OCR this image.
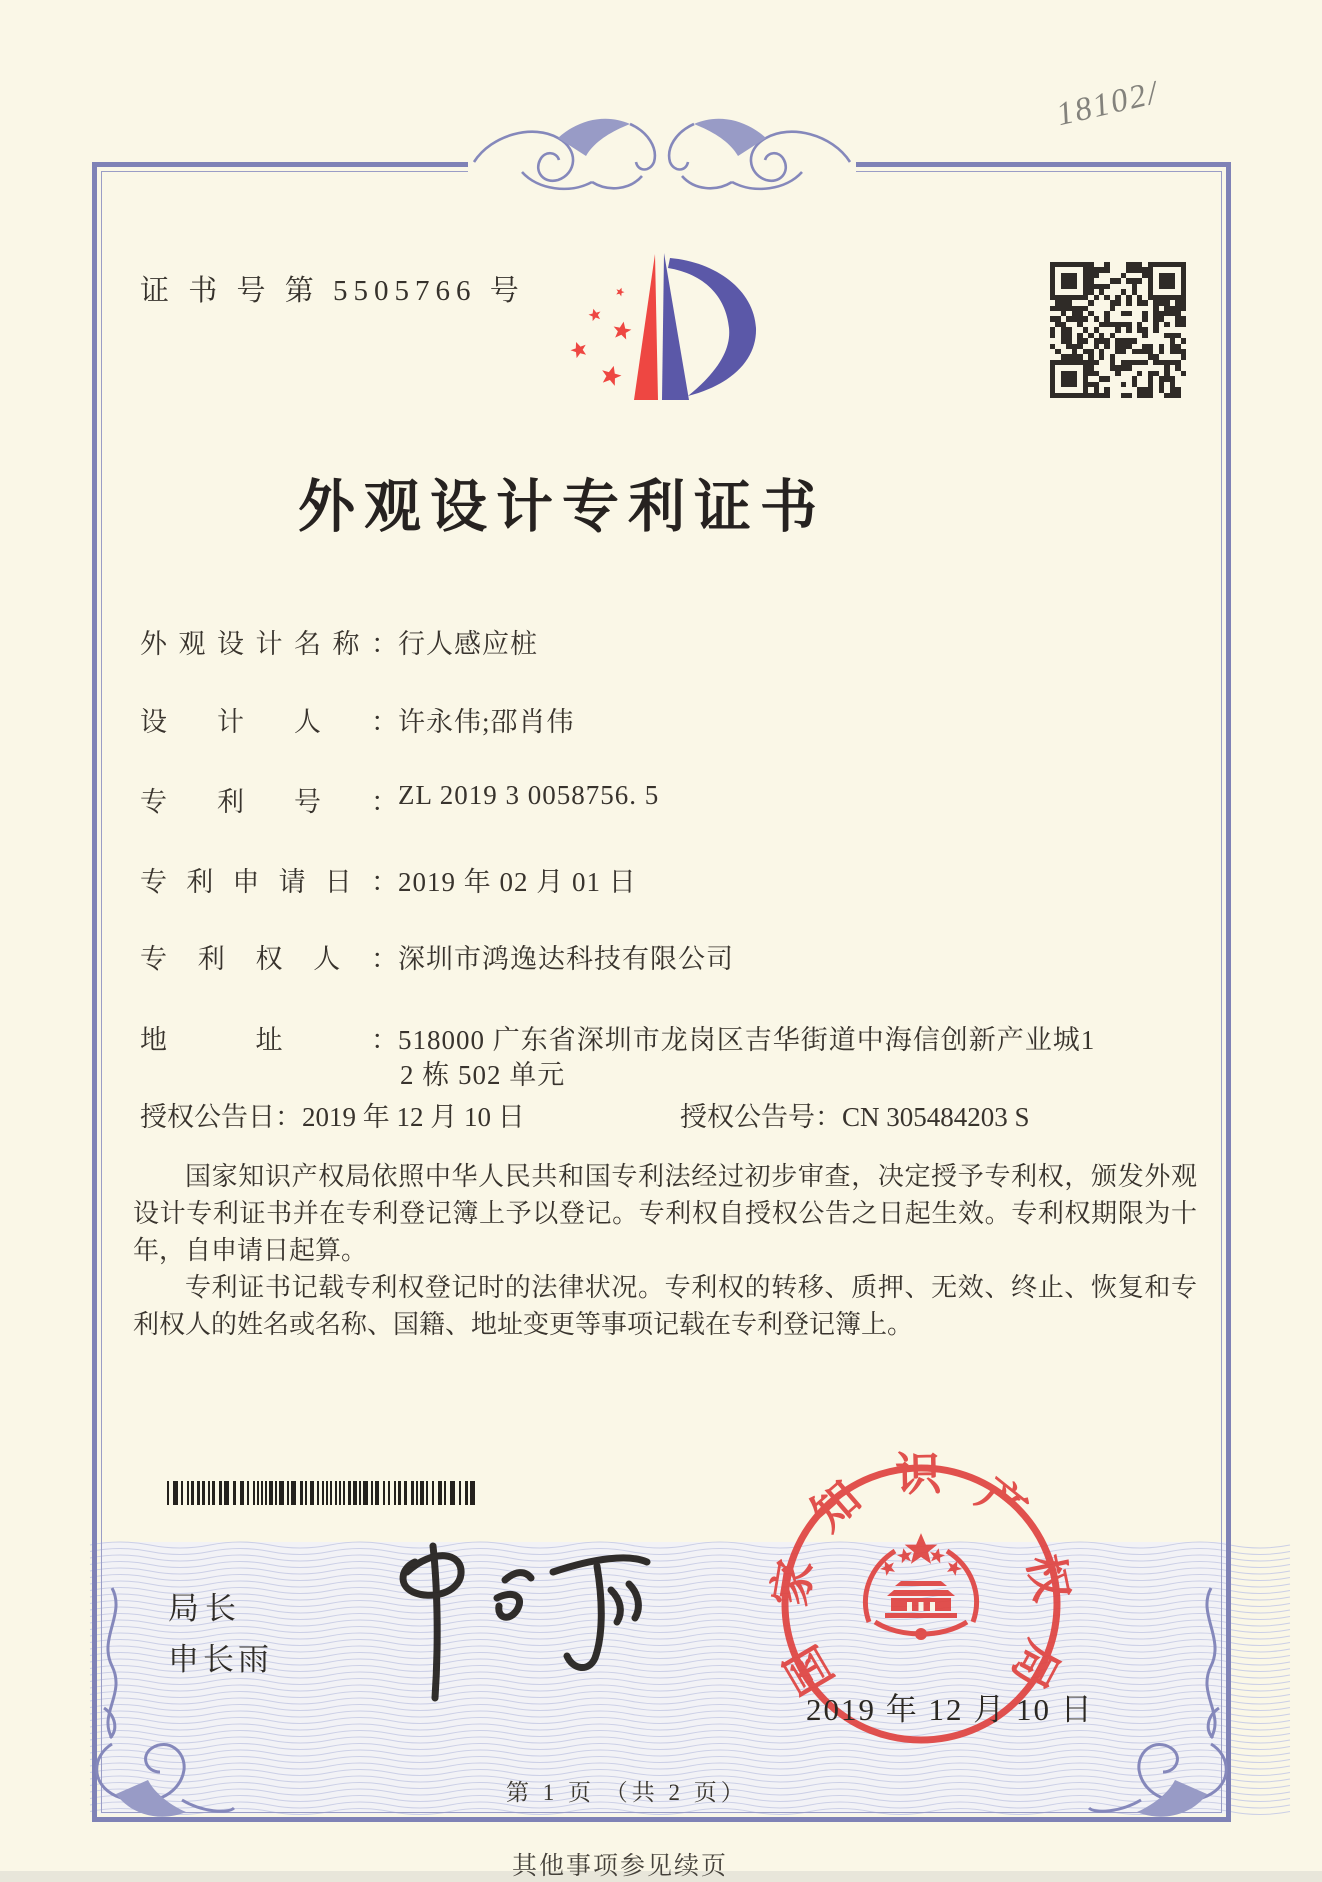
18102/
证 书 号 第 5505766 号
外观设计专利证书
外观设计名称：行人感应桩
设计人：许永伟;邵肖伟
专利号：ZL 2019 3 0058756. 5
专利申请日：2019 年 02 月 01 日
专利权人：深圳市鸿逸达科技有限公司
地址：518000 广东省深圳市龙岗区吉华街道中海信创新产业城1
2 栋 502 单元
授权公告日：2019 年 12 月 10 日	授权公告号：CN 305484203 S

国家知识产权局依照中华人民共和国专利法经过初步审查，决定授予专利权，颁发外观设计专利证书并在专利登记簿上予以登记。专利权自授权公告之日起生效。专利权期限为十年，自申请日起算。

专利证书记载专利权登记时的法律状况。专利权的转移、质押、无效、终止、恢复和专利权人的姓名或名称、国籍、地址变更等事项记载在专利登记簿上。

局长
申长雨	国家知识产权局
2019 年 12 月 10 日
第 1 页 （共 2 页）
其他事项参见续页
